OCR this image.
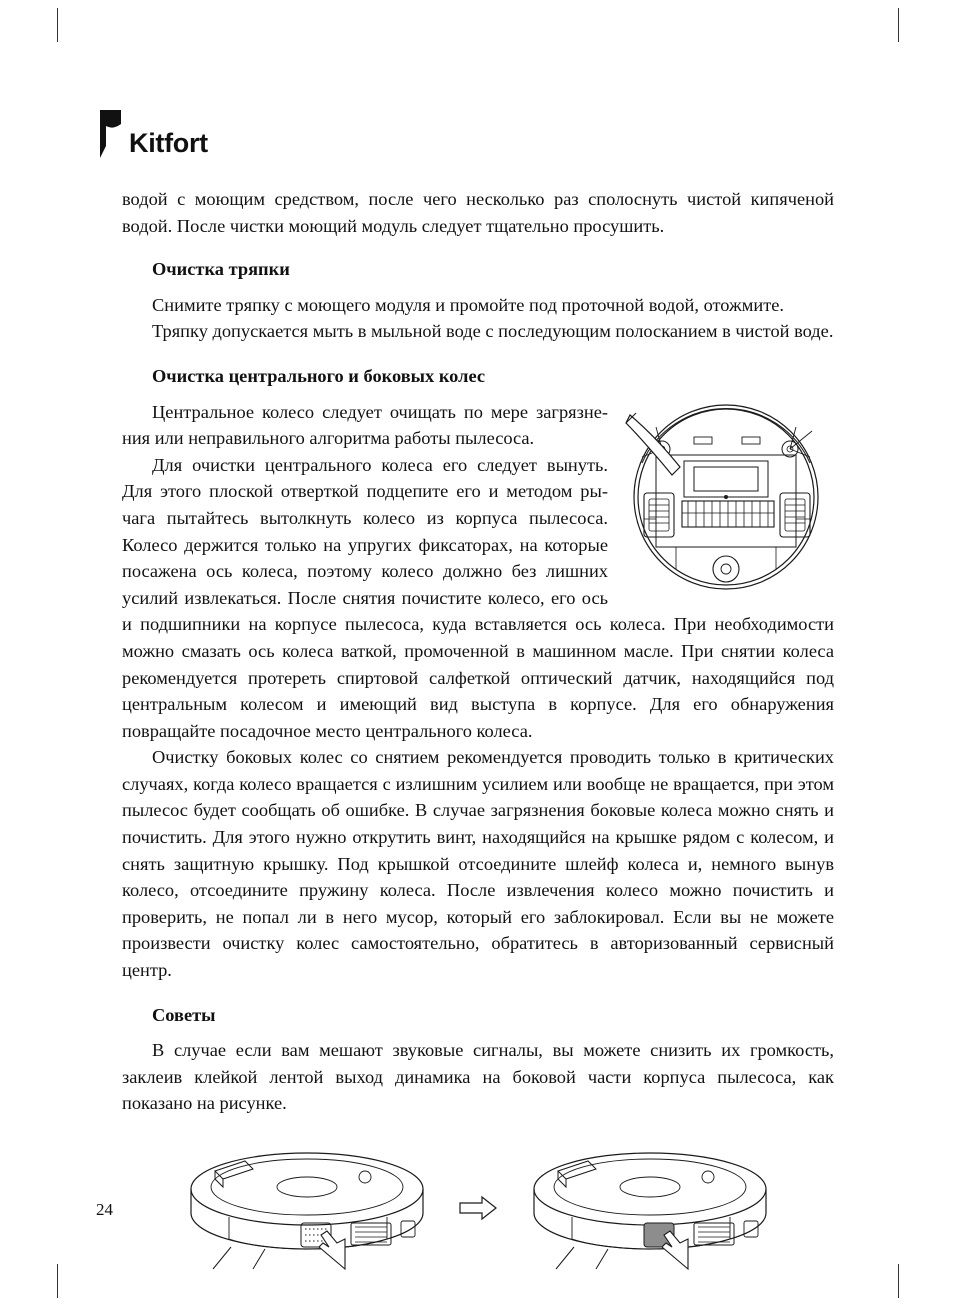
Kitfort

водой с моющим средством, после чего несколько раз сполоснуть чистой кипяченой водой. После чистки моющий модуль следует тщательно просушить.

Очистка тряпки

Снимите тряпку с моющего модуля и промойте под проточной водой, отожмите.

Тряпку допускается мыть в мыльной воде с последующим полосканием в чистой воде.

Очистка центрального и боковых колес

Центральное колесо следует очищать по мере загрязнения или неправильного алгоритма работы пылесоса.

Для очистки центрального колеса его следует вынуть. Для этого плоской отверткой подцепите его и методом рычага пытайтесь вытолкнуть колесо из корпуса пылесоса. Колесо держится только на упругих фиксаторах, на которые посажена ось колеса, поэтому колесо должно без лишних усилий извлекаться. После снятия почистите колесо, его ось и подшипники на корпусе пылесоса, куда вставляется ось колеса. При необходимости можно смазать ось колеса ваткой, промоченной в машинном масле. При снятии колеса рекомендуется протереть спиртовой салфеткой оптический датчик, находящийся под центральным колесом и имеющий вид выступа в корпусе. Для его обнаружения повращайте посадочное место центрального колеса.

Очистку боковых колес со снятием рекомендуется проводить только в критических случаях, когда колесо вращается с излишним усилием или вообще не вращается, при этом пылесос будет сообщать об ошибке. В случае загрязнения боковые колеса можно снять и почистить. Для этого нужно открутить винт, находящийся на крышке рядом с колесом, и снять защитную крышку. Под крышкой отсоедините шлейф колеса и, немного вынув колесо, отсоедините пружину колеса. После извлечения колесо можно почистить и проверить, не попал ли в него мусор, который его заблокировал. Если вы не можете произвести очистку колес самостоятельно, обратитесь в авторизованный сервисный центр.

Советы

В случае если вам мешают звуковые сигналы, вы можете снизить их громкость, заклеив клейкой лентой выход динамика на боковой части корпуса пылесоса, как показано на рисунке.

24
